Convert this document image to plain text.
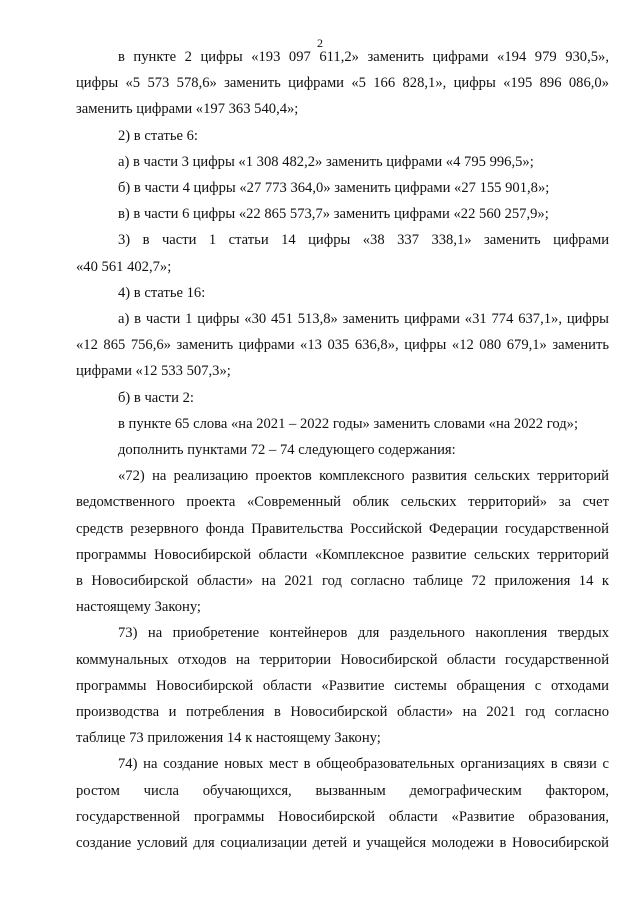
2
в пункте 2 цифры «193 097 611,2» заменить цифрами «194 979 930,5»,
цифры «5 573 578,6» заменить цифрами «5 166 828,1», цифры «195 896 086,0»
заменить цифрами «197 363 540,4»;
2) в статье 6:
а) в части 3 цифры «1 308 482,2» заменить цифрами «4 795 996,5»;
б) в части 4 цифры «27 773 364,0» заменить цифрами «27 155 901,8»;
в) в части 6 цифры «22 865 573,7» заменить цифрами «22 560 257,9»;
3) в части 1 статьи 14 цифры «38 337 338,1» заменить цифрами
«40 561 402,7»;
4) в статье 16:
а) в части 1 цифры «30 451 513,8» заменить цифрами «31 774 637,1», цифры
«12 865 756,6» заменить цифрами «13 035 636,8», цифры «12 080 679,1» заменить
цифрами «12 533 507,3»;
б) в части 2:
в пункте 65 слова «на 2021 – 2022 годы» заменить словами «на 2022 год»;
дополнить пунктами 72 – 74 следующего содержания:
«72) на реализацию проектов комплексного развития сельских территорий
ведомственного проекта «Современный облик сельских территорий» за счет
средств резервного фонда Правительства Российской Федерации государственной
программы Новосибирской области «Комплексное развитие сельских территорий
в Новосибирской области» на 2021 год согласно таблице 72 приложения 14 к
настоящему Закону;
73) на приобретение контейнеров для раздельного накопления твердых
коммунальных отходов на территории Новосибирской области государственной
программы Новосибирской области «Развитие системы обращения с отходами
производства и потребления в Новосибирской области» на 2021 год согласно
таблице 73 приложения 14 к настоящему Закону;
74) на создание новых мест в общеобразовательных организациях в связи с
ростом числа обучающихся, вызванным демографическим фактором,
государственной программы Новосибирской области «Развитие образования,
создание условий для социализации детей и учащейся молодежи в Новосибирской
